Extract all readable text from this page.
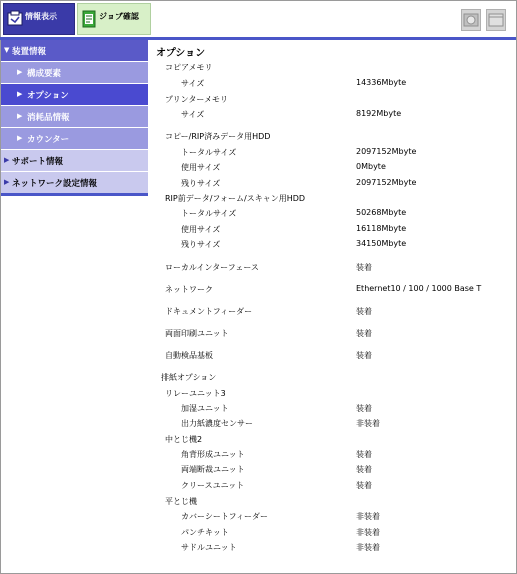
情報表示	ジョブ確認
▼ 装置情報
▶ 構成要素
▶ オプション
▶ 消耗品情報
▶ カウンター
▶ サポート情報
▶ ネットワーク設定情報
オプション
コピアメモリ
サイズ	14336Mbyte
プリンターメモリ
サイズ	8192Mbyte
コピー/RIP済みデータ用HDD
トータルサイズ	2097152Mbyte
使用サイズ	0Mbyte
残りサイズ	2097152Mbyte
RIP前データ/フォーム/スキャン用HDD
トータルサイズ	50268Mbyte
使用サイズ	16118Mbyte
残りサイズ	34150Mbyte
ローカルインターフェース	装着
ネットワーク	Ethernet10 / 100 / 1000 Base T
ドキュメントフィーダー	装着
両面印刷ユニット	装着
自動検品基板	装着
排紙オプション
リレーユニット3
加湿ユニット	装着
出力紙濃度センサー	非装着
中とじ機2
角背形成ユニット	装着
両端断裁ユニット	装着
クリースユニット	装着
平とじ機
カバーシートフィーダー	非装着
パンチキット	非装着
サドルユニット	非装着
